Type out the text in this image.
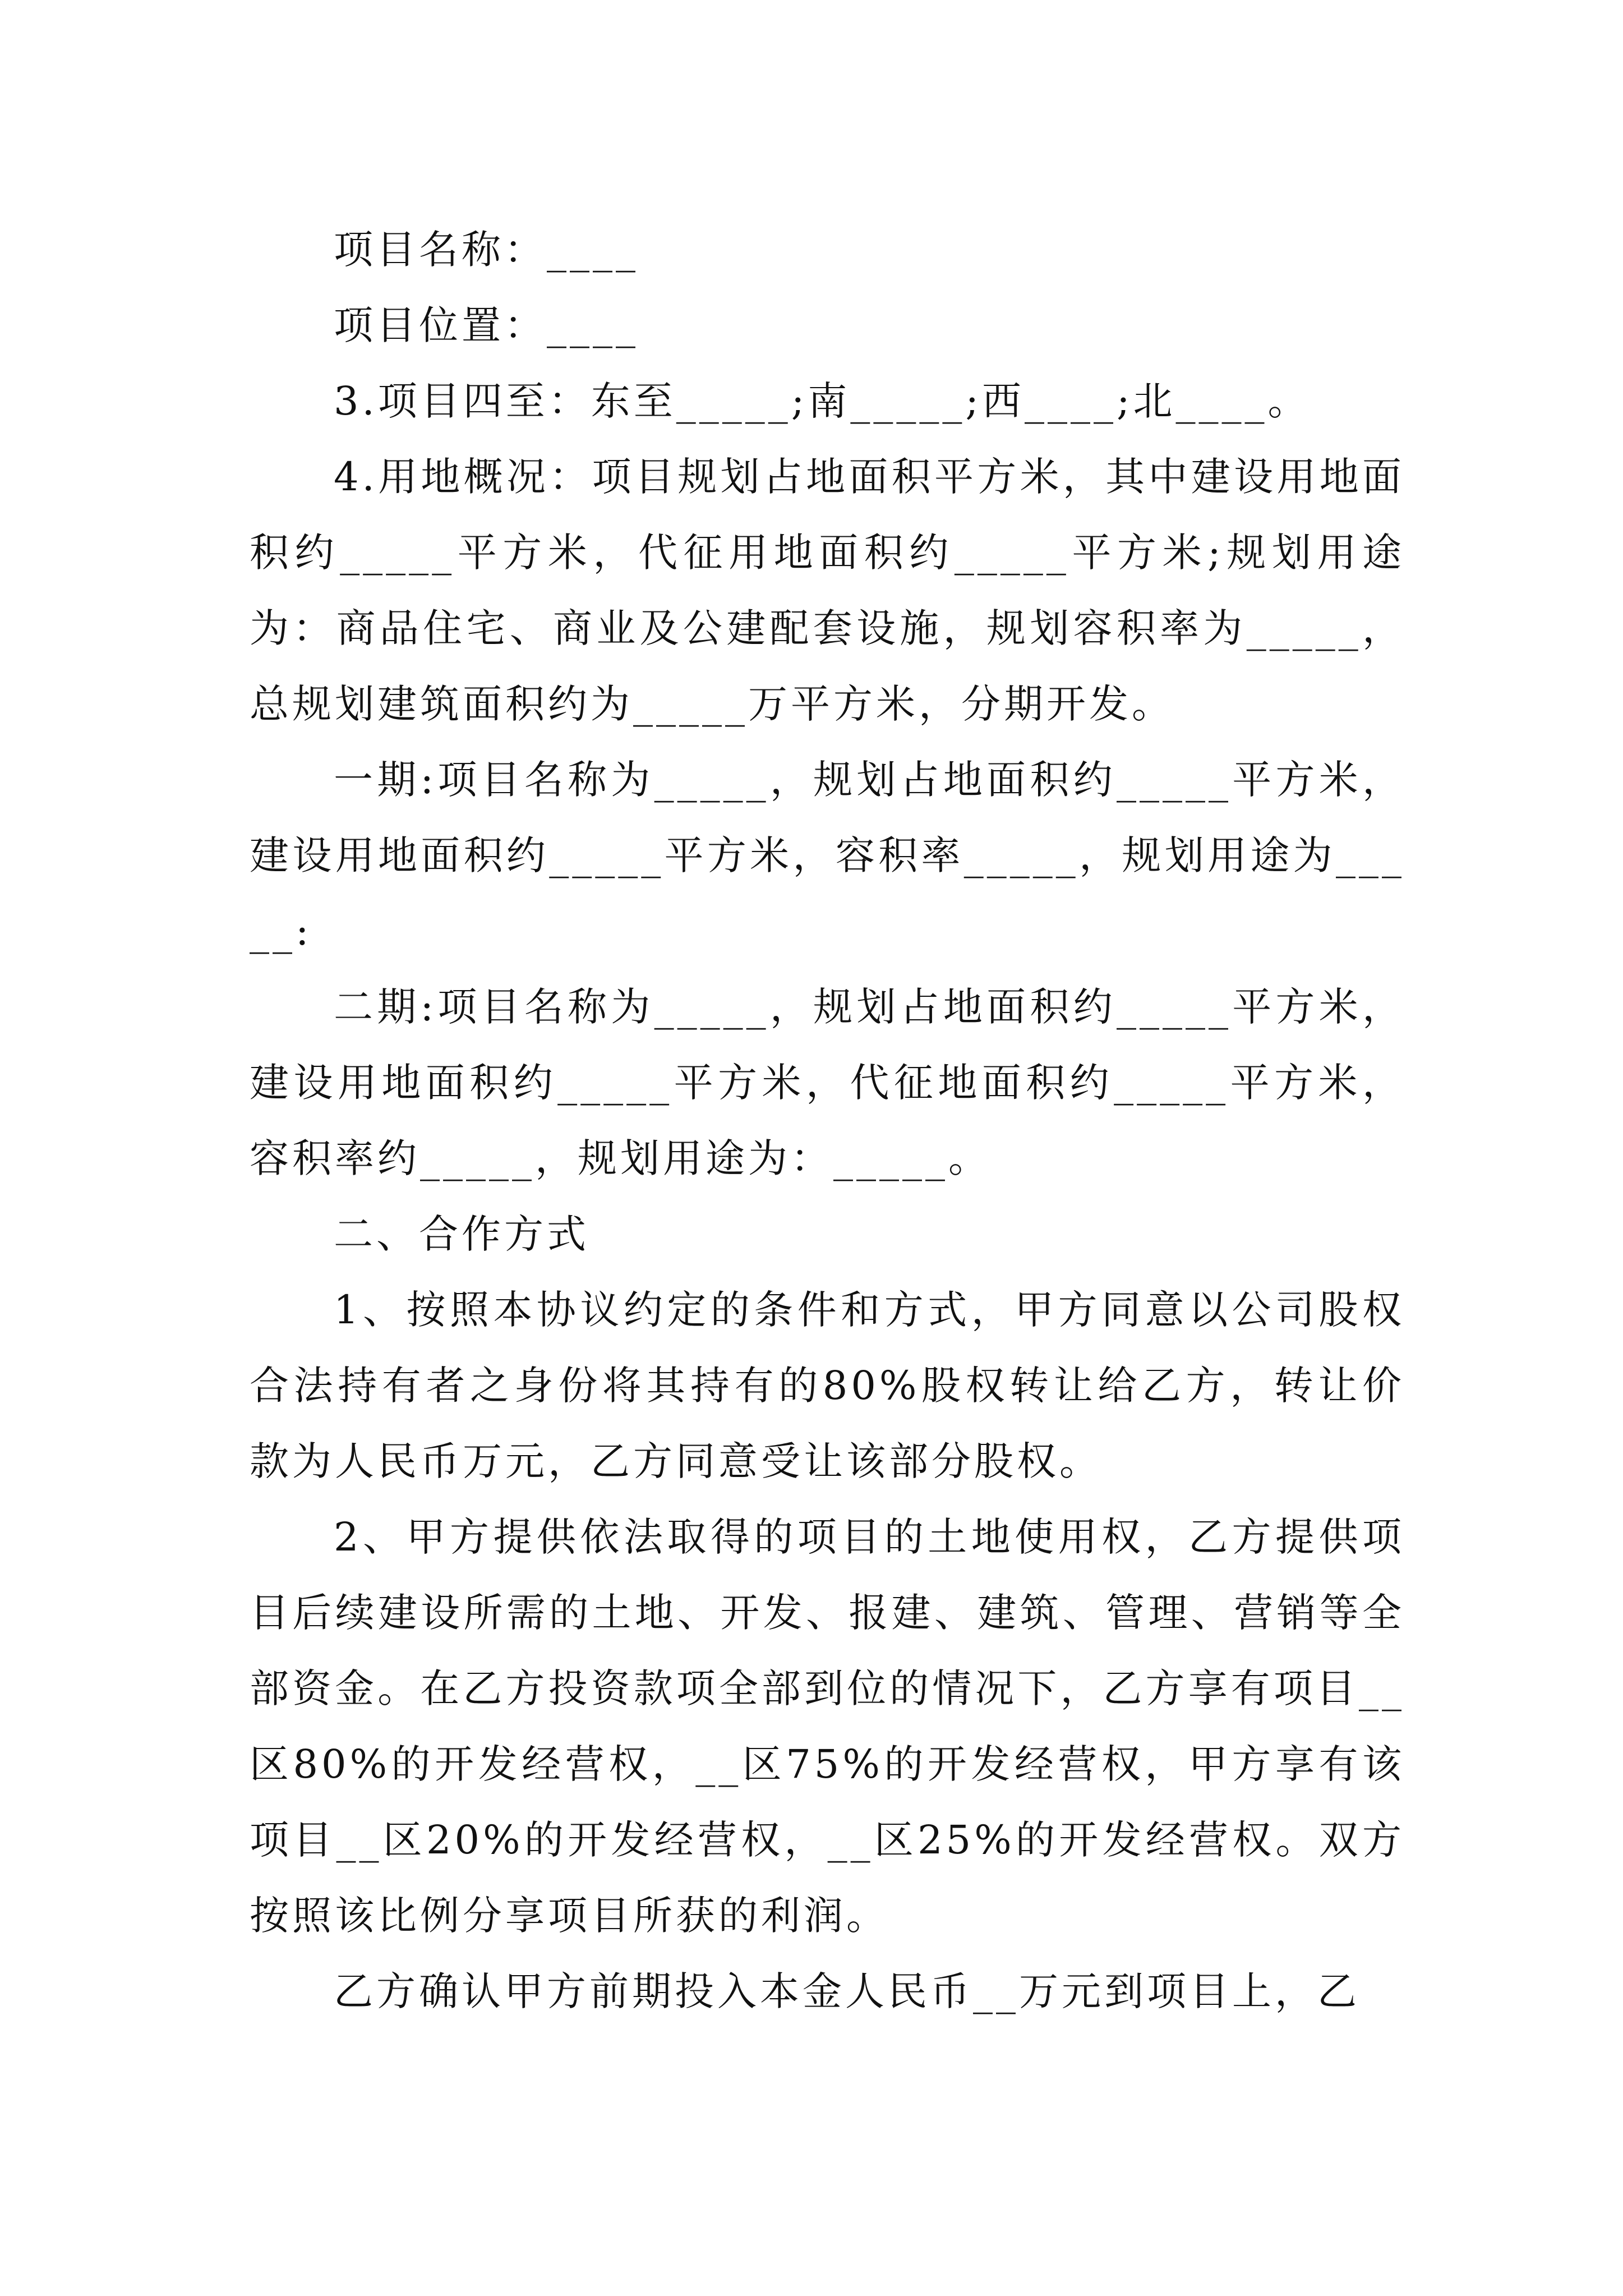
项目名称：____

项目位置：____

3.项目四至：东至_____;南_____;西____;北____。

4.用地概况：项目规划占地面积平方米，其中建设用地面积约_____平方米，代征用地面积约_____平方米;规划用途为：商品住宅、商业及公建配套设施，规划容积率为_____，总规划建筑面积约为_____万平方米，分期开发。

一期:项目名称为_____，规划占地面积约_____平方米，建设用地面积约_____平方米，容积率_____，规划用途为_____:

二期:项目名称为_____，规划占地面积约_____平方米，建设用地面积约_____平方米，代征地面积约_____平方米，容积率约_____，规划用途为：_____。

二、合作方式

1、按照本协议约定的条件和方式，甲方同意以公司股权合法持有者之身份将其持有的80%股权转让给乙方，转让价款为人民币万元，乙方同意受让该部分股权。

2、甲方提供依法取得的项目的土地使用权，乙方提供项目后续建设所需的土地、开发、报建、建筑、管理、营销等全部资金。在乙方投资款项全部到位的情况下，乙方享有项目__区80%的开发经营权，__区75%的开发经营权，甲方享有该项目__区20%的开发经营权，__区25%的开发经营权。双方按照该比例分享项目所获的利润。

乙方确认甲方前期投入本金人民币__万元到项目上，乙
